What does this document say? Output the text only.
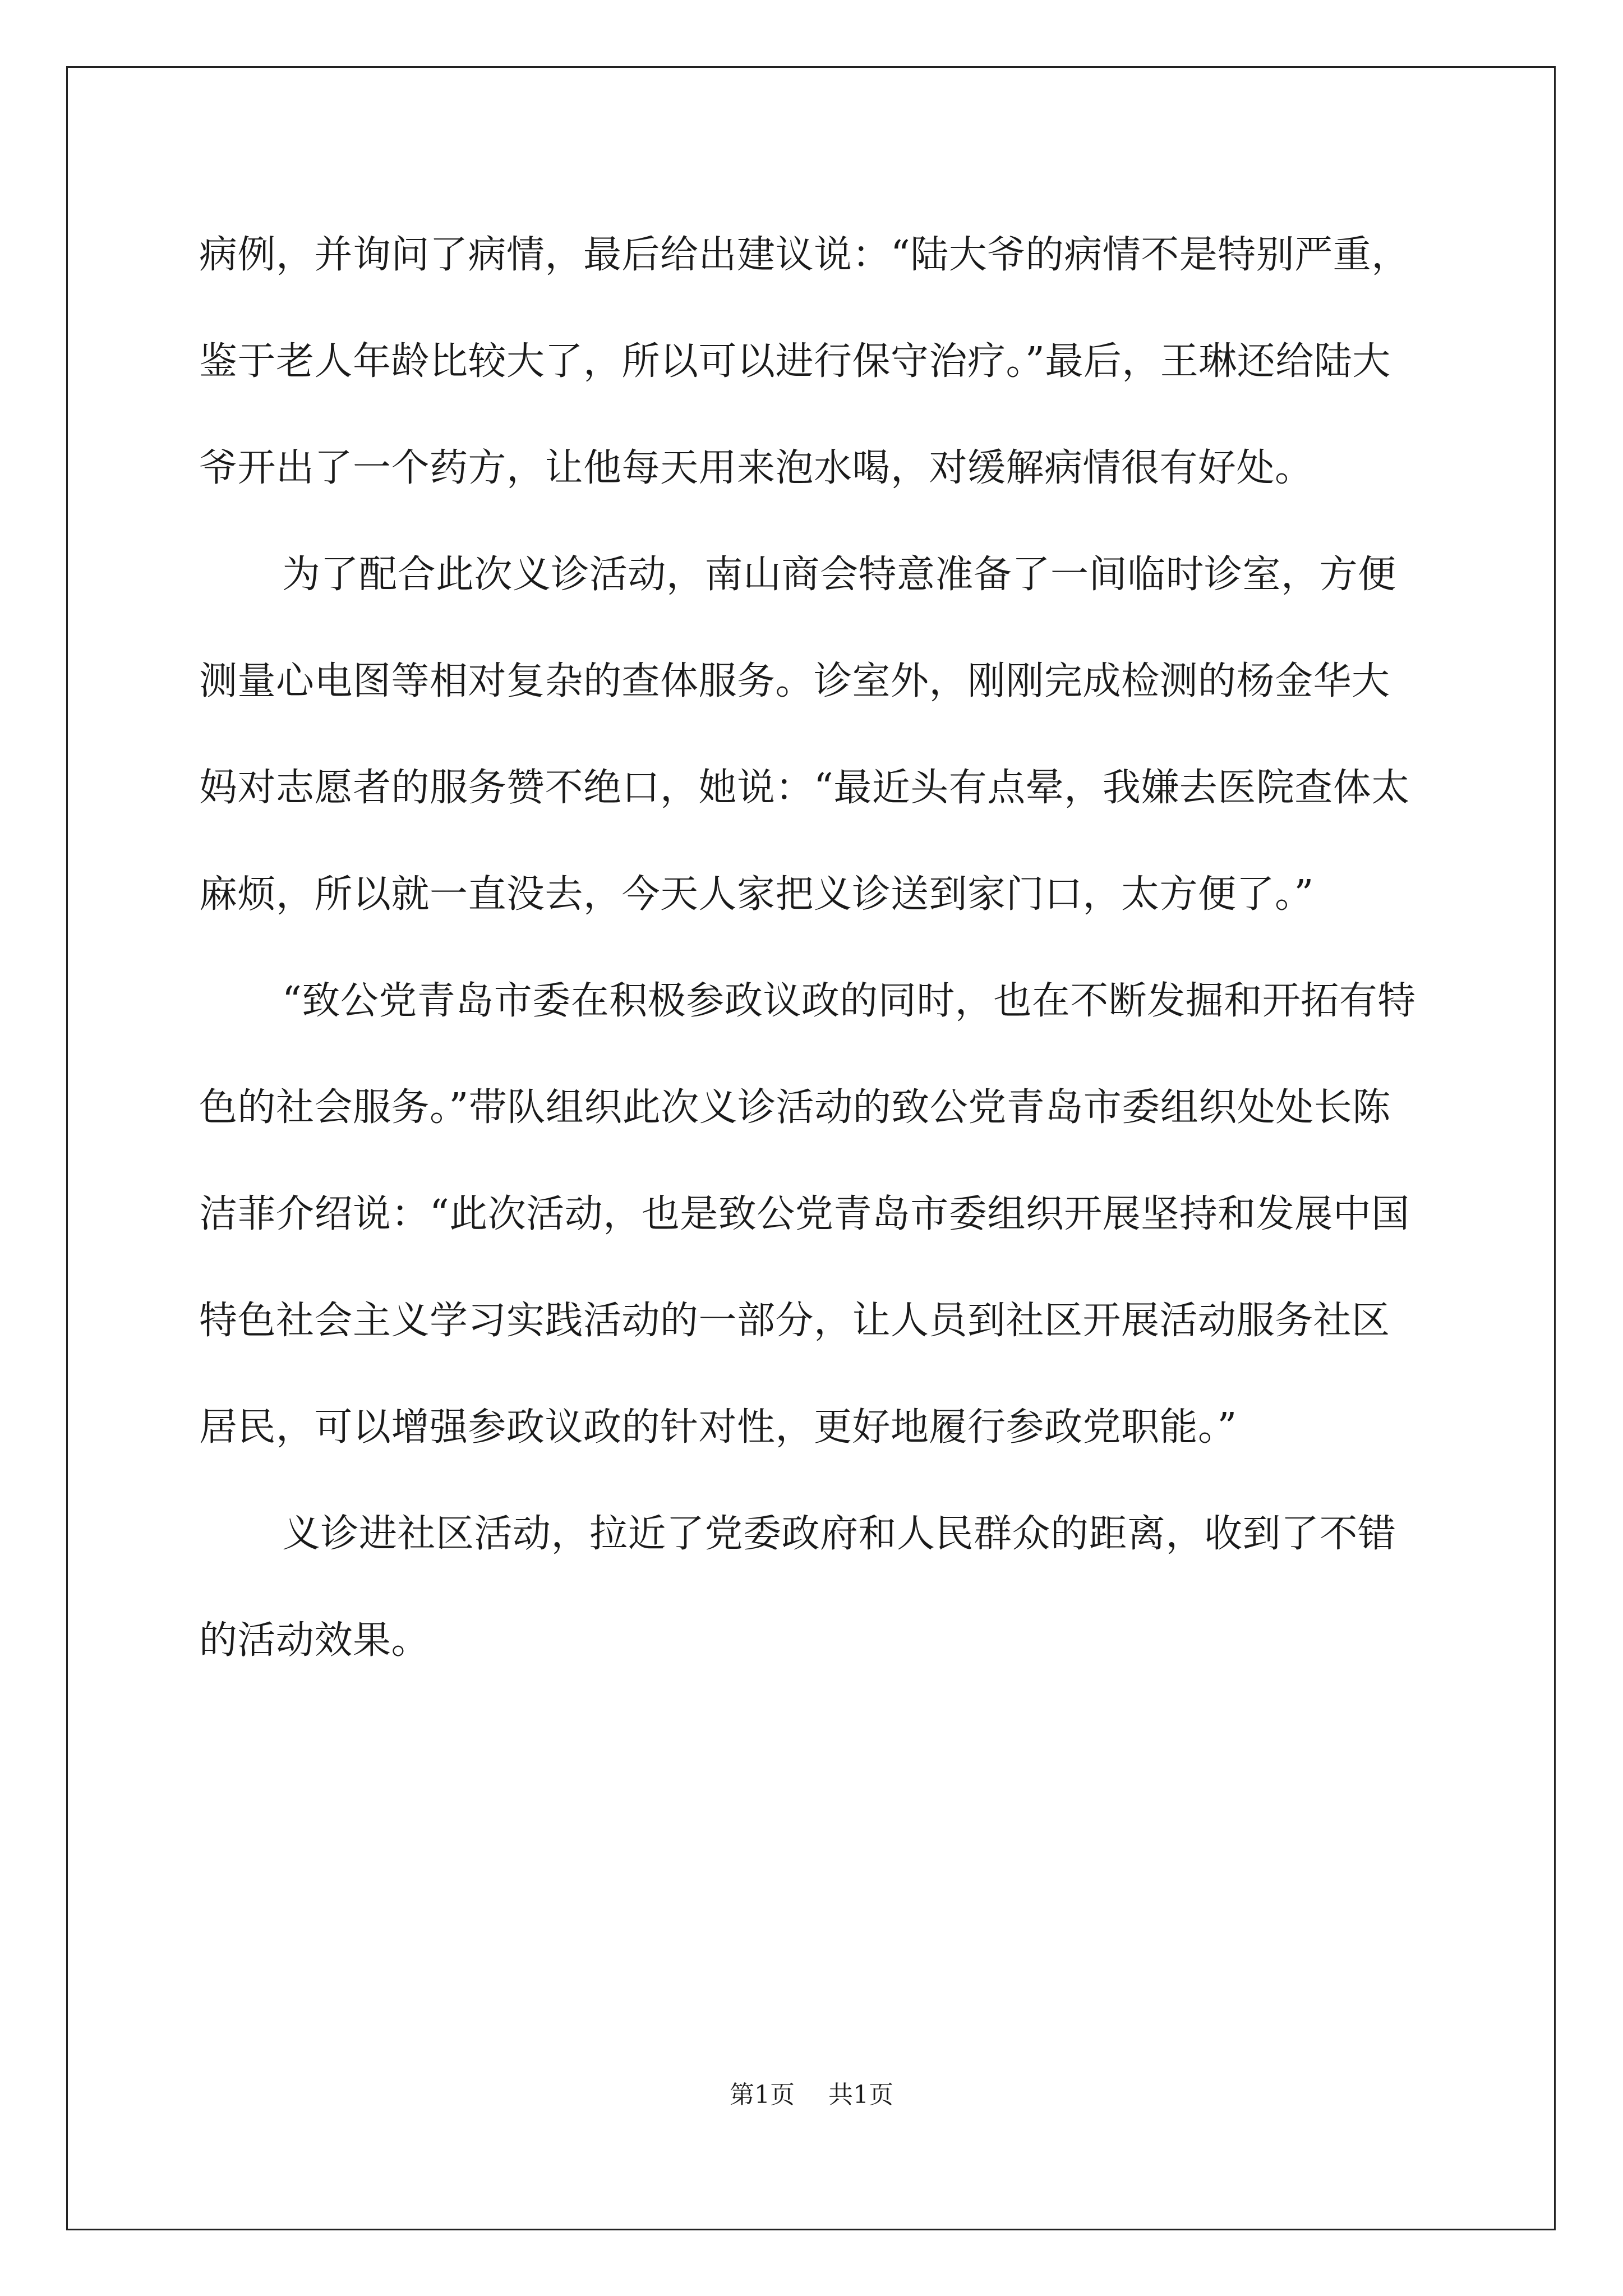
病例，并询问了病情，最后给出建议说：“陆大爷的病情不是特别严重，鉴于老人年龄比较大了，所以可以进行保守治疗。”最后，王琳还给陆大爷开出了一个药方，让他每天用来泡水喝，对缓解病情很有好处。

为了配合此次义诊活动，南山商会特意准备了一间临时诊室，方便测量心电图等相对复杂的查体服务。诊室外，刚刚完成检测的杨金华大妈对志愿者的服务赞不绝口，她说：“最近头有点晕，我嫌去医院查体太麻烦，所以就一直没去，今天人家把义诊送到家门口，太方便了。”

“致公党青岛市委在积极参政议政的同时，也在不断发掘和开拓有特色的社会服务。”带队组织此次义诊活动的致公党青岛市委组织处处长陈洁菲介绍说：“此次活动，也是致公党青岛市委组织开展坚持和发展中国特色社会主义学习实践活动的一部分，让人员到社区开展活动服务社区居民，可以增强参政议政的针对性，更好地履行参政党职能。”

义诊进社区活动，拉近了党委政府和人民群众的距离，收到了不错的活动效果。

第1页 共1页
